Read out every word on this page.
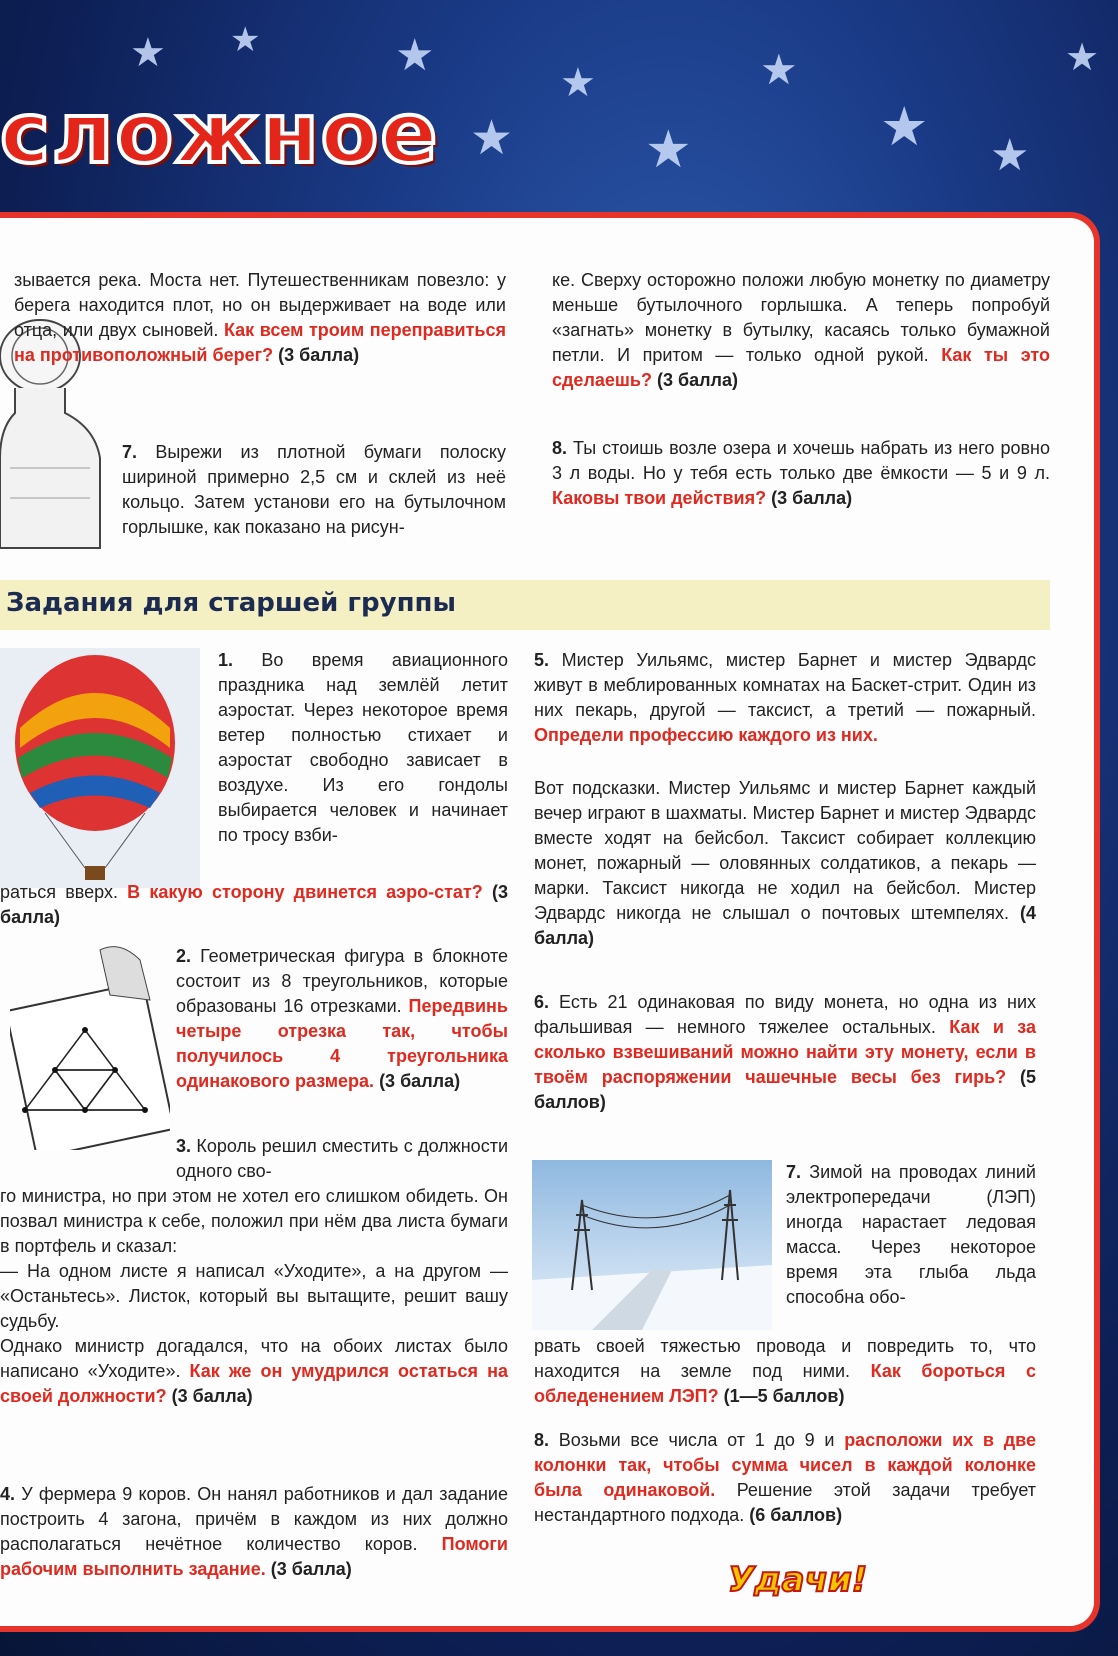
★ ★	★
★
★
★
★
★ ★
★
сложное
зывается река. Моста нет. Путешественникам повезло: у берега находится плот, но он выдерживает на воде или отца, или двух сыновей. Как всем троим переправиться на противоположный берег? (3 балла)
7. Вырежи из плотной бумаги полоску шириной примерно 2,5 см и склей из неё кольцо. Затем установи его на бутылочном горлышке, как показано на рисун-
ке. Сверху осторожно положи любую монетку по диаметру меньше бутылочного горлышка. А теперь попробуй «загнать» монетку в бутылку, касаясь только бумажной петли. И притом — только одной рукой. Как ты это сделаешь? (3 балла)
8. Ты стоишь возле озера и хочешь набрать из него ровно 3 л воды. Но у тебя есть только две ёмкости — 5 и 9 л. Каковы твои действия? (3 балла)
Задания для старшей группы
1. Во время авиационного праздника над землёй летит аэростат. Через некоторое время ветер полностью стихает и аэростат свободно зависает в воздухе. Из его гондолы выбирается человек и начинает по тросу взби-
раться вверх. В какую сторону двинется аэро-стат? (3 балла)
2. Геометрическая фигура в блокноте состоит из 8 треугольников, которые образованы 16 отрезками. Передвинь четыре отрезка так, чтобы получилось 4 треугольника одинакового размера. (3 балла)
3. Король решил сместить с должности одного сво-
го министра, но при этом не хотел его слишком обидеть. Он позвал министра к себе, положил при нём два листа бумаги в портфель и сказал:
— На одном листе я написал «Уходите», а на другом — «Останьтесь». Листок, который вы вытащите, решит вашу судьбу.
Однако министр догадался, что на обоих листах было написано «Уходите». Как же он умудрился остаться на своей должности? (3 балла)
4. У фермера 9 коров. Он нанял работников и дал задание построить 4 загона, причём в каждом из них должно располагаться нечётное количество коров. Помоги рабочим выполнить задание. (3 балла)
5. Мистер Уильямс, мистер Барнет и мистер Эдвардс живут в меблированных комнатах на Баскет-стрит. Один из них пекарь, другой — таксист, а третий — пожарный. Определи профессию каждого из них.
Вот подсказки. Мистер Уильямс и мистер Барнет каждый вечер играют в шахматы. Мистер Барнет и мистер Эдвардс вместе ходят на бейсбол. Таксист собирает коллекцию монет, пожарный — оловянных солдатиков, а пекарь — марки. Таксист никогда не ходил на бейсбол. Мистер Эдвардс никогда не слышал о почтовых штемпелях. (4 балла)
6. Есть 21 одинаковая по виду монета, но одна из них фальшивая — немного тяжелее остальных. Как и за сколько взвешиваний можно найти эту монету, если в твоём распоряжении чашечные весы без гирь? (5 баллов)
7. Зимой на проводах линий электропередачи (ЛЭП) иногда нарастает ледовая масса. Через некоторое время эта глыба льда способна обо-
рвать своей тяжестью провода и повредить то, что находится на земле под ними. Как бороться с обледенением ЛЭП? (1—5 баллов)
8. Возьми все числа от 1 до 9 и расположи их в две колонки так, чтобы сумма чисел в каждой колонке была одинаковой. Решение этой задачи требует нестандартного подхода. (6 баллов)
Удачи!
